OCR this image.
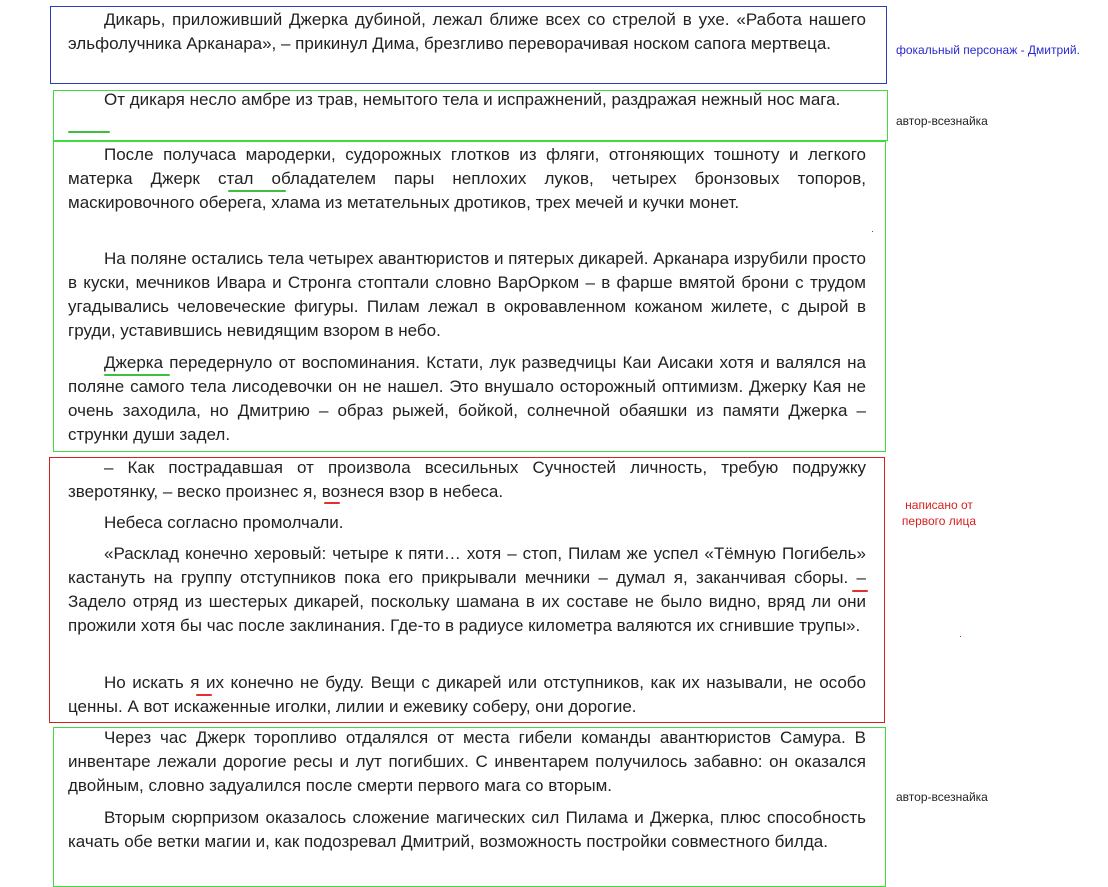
Дикарь, приложивший Джерка дубиной, лежал ближе всех со стрелой в ухе. «Работа нашего эльфолучника Арканара», – прикинул Дима, брезгливо переворачивая носком сапога мертвеца.

От дикаря несло амбре из трав, немытого тела и испражнений, раздражая нежный нос мага.

После получаса мародерки, судорожных глотков из фляги, отгоняющих тошноту и легкого матерка Джерк стал обладателем пары неплохих луков, четырех бронзовых топоров, маскировочного оберега, хлама из метательных дротиков, трех мечей и кучки монет.

На поляне остались тела четырех авантюристов и пятерых дикарей. Арканара изрубили просто в куски, мечников Ивара и Стронга стоптали словно ВарОрком – в фарше вмятой брони с трудом угадывались человеческие фигуры. Пилам лежал в окровавленном кожаном жилете, с дырой в груди, уставившись невидящим взором в небо.

Джерка передернуло от воспоминания. Кстати, лук разведчицы Каи Аисаки хотя и валялся на поляне самого тела лисодевочки он не нашел. Это внушало осторожный оптимизм. Джерку Кая не очень заходила, но Дмитрию – образ рыжей, бойкой, солнечной обаяшки из памяти Джерка –струнки души задел.

– Как пострадавшая от произвола всесильных Сучностей личность, требую подружку зверотянку, – веско произнес я, вознеся взор в небеса.

Небеса согласно промолчали.

«Расклад конечно херовый: четыре к пяти… хотя – стоп, Пилам же успел «Тёмную Погибель» кастануть на группу отступников пока его прикрывали мечники – думал я, заканчивая сборы. – Задело отряд из шестерых дикарей, поскольку шамана в их составе не было видно, вряд ли они прожили хотя бы час после заклинания. Где-то в радиусе километра валяются их сгнившие трупы».

Но искать я их конечно не буду. Вещи с дикарей или отступников, как их называли, не особо ценны. А вот искаженные иголки, лилии и ежевику соберу, они дорогие.

Через час Джерк торопливо отдалялся от места гибели команды авантюристов Самура. В инвентаре лежали дорогие ресы и лут погибших. С инвентарем получилось забавно: он оказался двойным, словно задуалился после смерти первого мага со вторым.

Вторым сюрпризом оказалось сложение магических сил Пилама и Джерка, плюс способность качать обе ветки магии и, как подозревал Дмитрий, возможность постройки совместного билда.

фокальный персонаж - Дмитрий.
автор-всезнайка
написано от
первого лица
автор-всезнайка
